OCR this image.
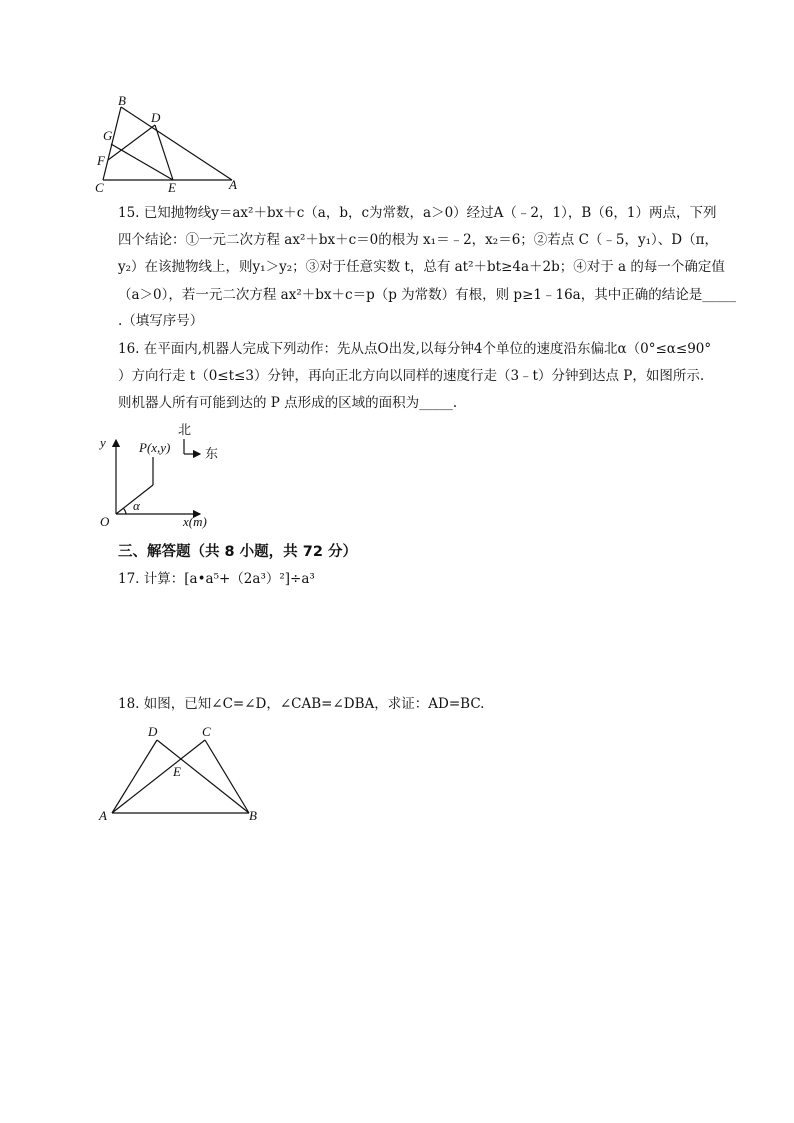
B
D
G
F
C	E	A
15. 已知抛物线y＝ax²＋bx＋c（a，b，c为常数，a＞0）经过A（﹣2，1），B（6，1）两点，下列
四个结论：①一元二次方程 ax²＋bx＋c＝0的根为 x₁＝﹣2，x₂＝6；②若点 C（﹣5，y₁）、D（π，
y₂）在该抛物线上，则y₁＞y₂；③对于任意实数 t，总有 at²＋bt≥4a＋2b；④对于 a 的每一个确定值
（a＞0），若一元二次方程 ax²＋bx＋c＝p（p 为常数）有根，则 p≥1﹣16a，其中正确的结论是_____
.（填写序号）
16. 在平面内,机器人完成下列动作：先从点O出发,以每分钟4个单位的速度沿东偏北α（0°≤α≤90°
）方向行走 t（0≤t≤3）分钟，再向正北方向以同样的速度行走（3﹣t）分钟到达点 P，如图所示.
则机器人所有可能到达的 P 点形成的区域的面积为_____.
y	P(x,y)
北
东
α
O	x(m)
三、解答题（共 8 小题，共 72 分）
17. 计算：[a•a⁵+（2a³）²]÷a³
18. 如图，已知∠C=∠D，∠CAB=∠DBA，求证：AD=BC.
D	C
E
A	B
